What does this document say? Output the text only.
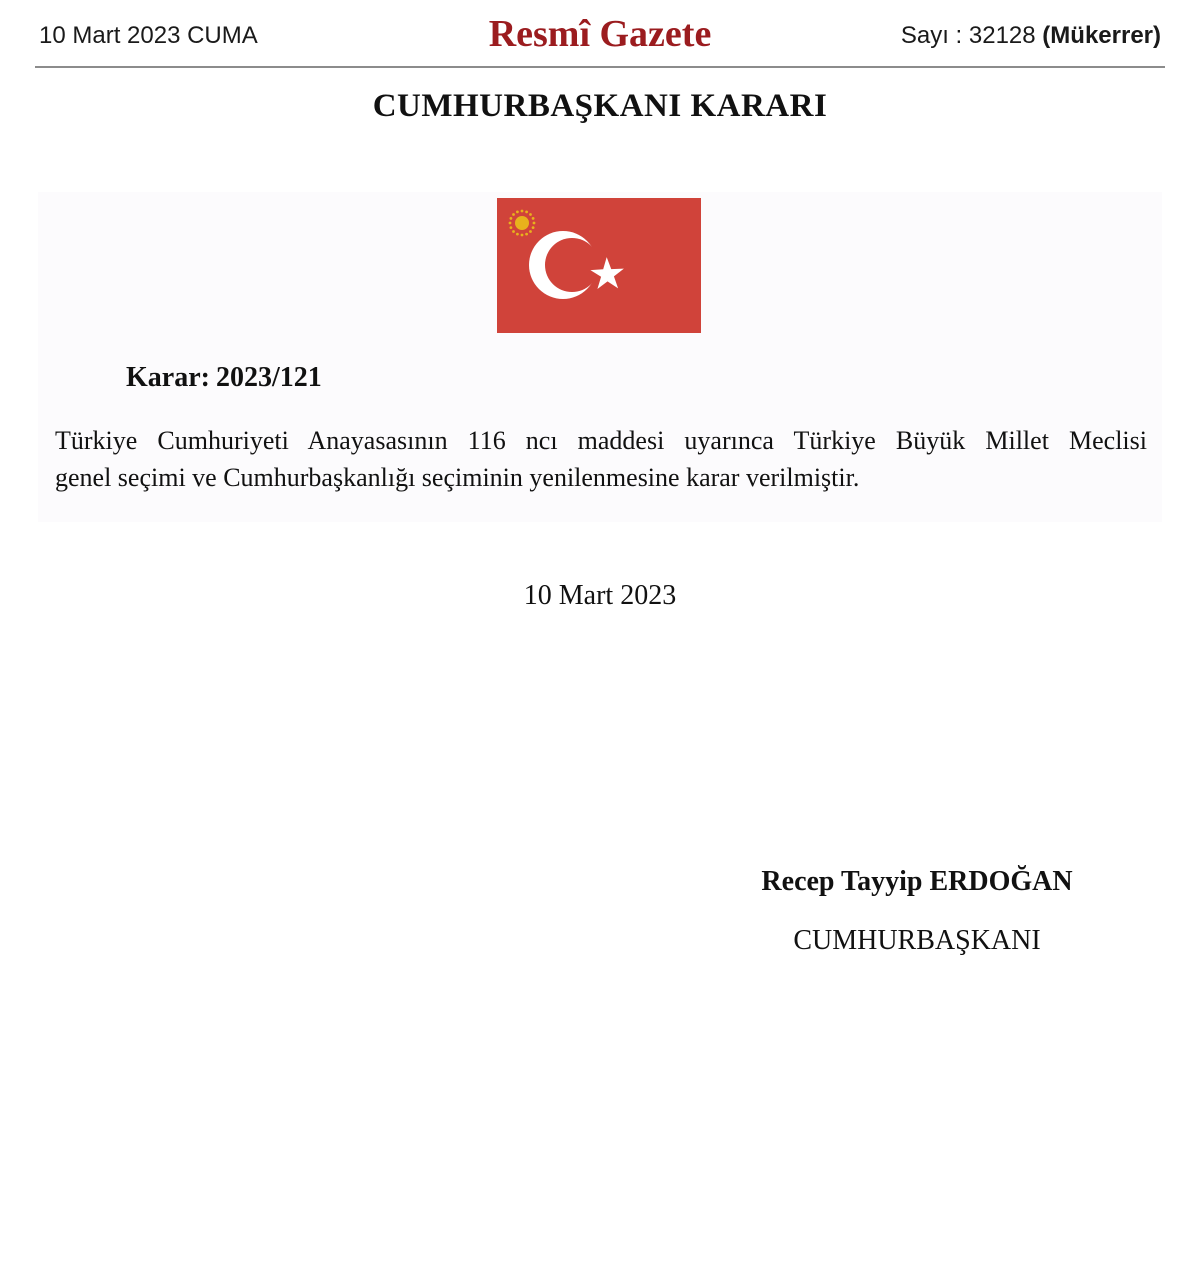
10 Mart 2023 CUMA	Resmî Gazete	Sayı : 32128 (Mükerrer)
CUMHURBAŞKANI KARARI
Karar: 2023/121
Türkiye Cumhuriyeti Anayasasının 116 ncı maddesi uyarınca Türkiye Büyük Millet Meclisi
genel seçimi ve Cumhurbaşkanlığı seçiminin yenilenmesine karar verilmiştir.
10 Mart 2023
Recep Tayyip ERDOĞAN
CUMHURBAŞKANI
